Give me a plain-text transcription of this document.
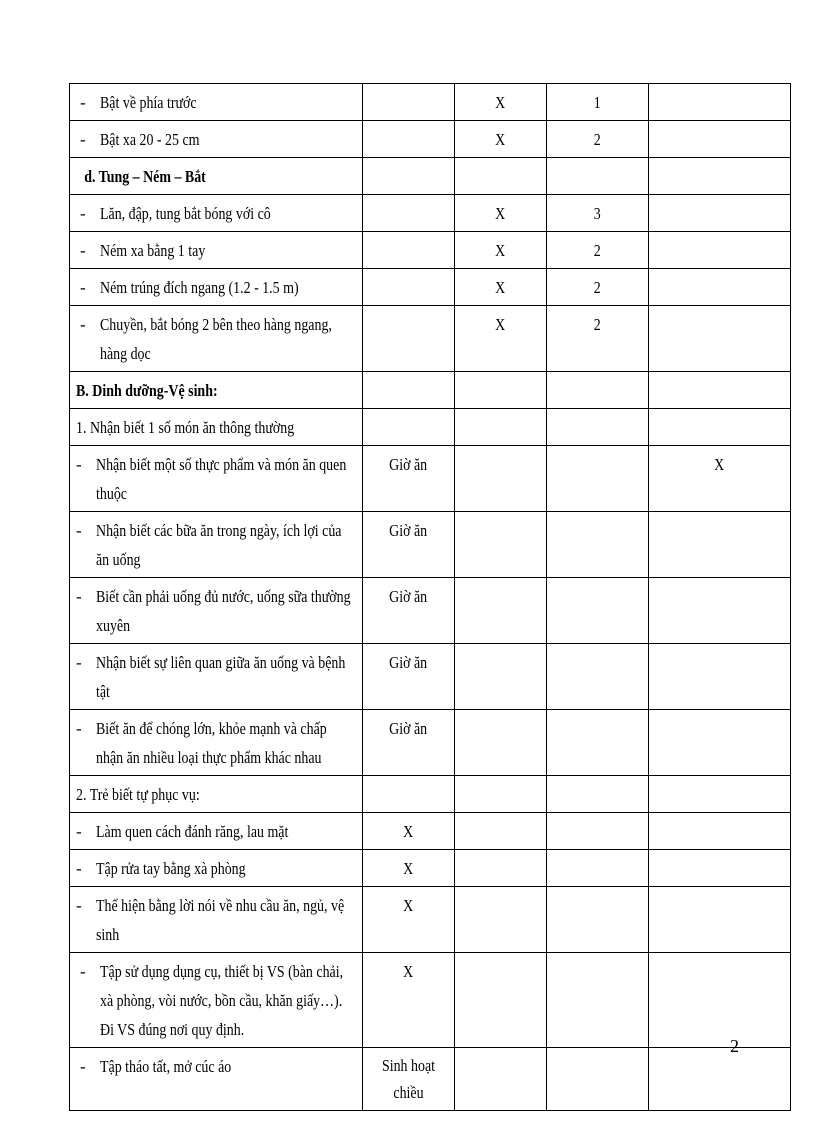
- Bật về phía trước		X	1	

- Bật xa 20 - 25 cm		X	2	
d. Tung – Ném – Bắt				

- Lăn, đập, tung bắt bóng với cô		X	3	

- Ném xa bằng 1 tay		X	2	

- Ném trúng đích ngang (1.2 - 1.5 m)		X	2	

- Chuyền, bắt bóng 2 bên theo hàng ngang, hàng dọc		X	2	
B. Dinh dưỡng-Vệ sinh:				
1. Nhận biết 1 số món ăn thông thường				

- Nhận biết một số thực phẩm và món ăn quen thuộc	Giờ ăn			X

- Nhận biết các bữa ăn trong ngày, ích lợi của ăn uống	Giờ ăn			

- Biết cần phải uống đủ nước, uống sữa thường xuyên	Giờ ăn			

- Nhận biết sự liên quan giữa ăn uống và bệnh tật	Giờ ăn			

- Biết ăn để chóng lớn, khỏe mạnh và chấp nhận ăn nhiều loại thực phẩm khác nhau	Giờ ăn			
2. Trẻ biết tự phục vụ:				

- Làm quen cách đánh răng, lau mặt	X			

- Tập rửa tay bằng xà phòng	X			

- Thể hiện bằng lời nói về nhu cầu ăn, ngủ, vệ sinh	X			

- Tập sử dụng dụng cụ, thiết bị VS (bàn chải, xà phòng, vòi nước, bồn cầu, khăn giấy…). Đi VS đúng nơi quy định.	X			

- Tập tháo tất, mở cúc áo	Sinh hoạt chiều			
2
